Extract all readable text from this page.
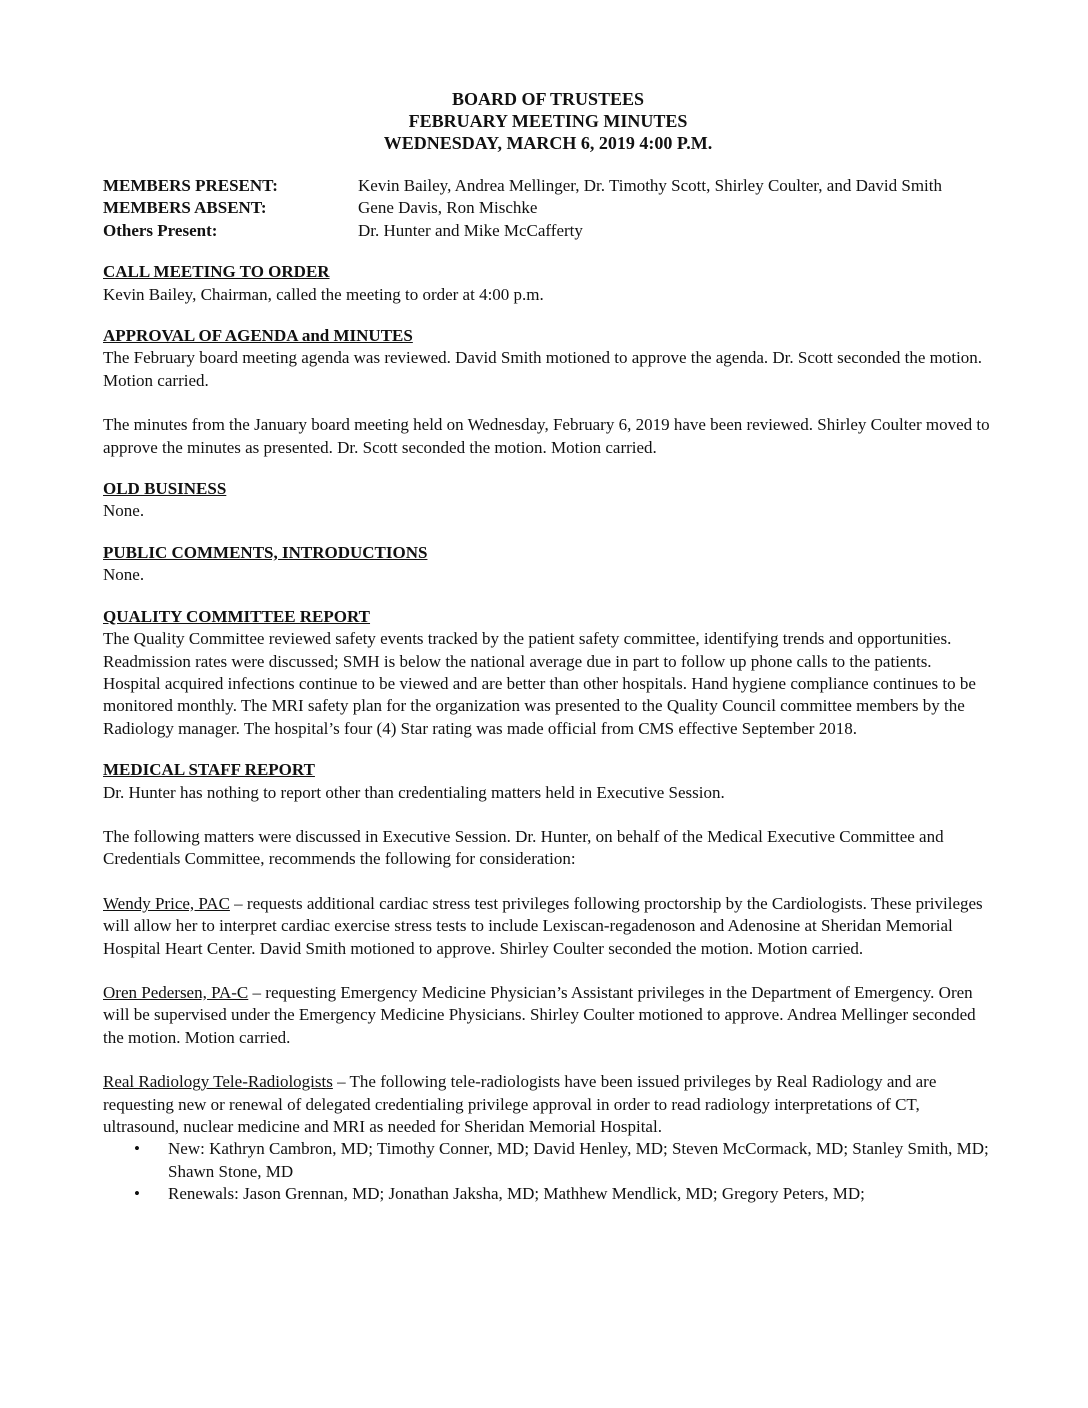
BOARD OF TRUSTEES
FEBRUARY MEETING MINUTES
WEDNESDAY, MARCH 6, 2019 4:00 P.M.
MEMBERS PRESENT:	Kevin Bailey, Andrea Mellinger, Dr. Timothy Scott, Shirley Coulter, and David Smith
MEMBERS ABSENT:	Gene Davis, Ron Mischke
Others Present:	Dr. Hunter and Mike McCafferty
CALL MEETING TO ORDER

Kevin Bailey, Chairman, called the meeting to order at 4:00 p.m.

APPROVAL OF AGENDA and MINUTES

The February board meeting agenda was reviewed. David Smith motioned to approve the agenda. Dr. Scott seconded the motion. Motion carried.

The minutes from the January board meeting held on Wednesday, February 6, 2019 have been reviewed. Shirley Coulter moved to approve the minutes as presented. Dr. Scott seconded the motion. Motion carried.

OLD BUSINESS

None.

PUBLIC COMMENTS, INTRODUCTIONS

None.

QUALITY COMMITTEE REPORT

The Quality Committee reviewed safety events tracked by the patient safety committee, identifying trends and opportunities. Readmission rates were discussed; SMH is below the national average due in part to follow up phone calls to the patients. Hospital acquired infections continue to be viewed and are better than other hospitals. Hand hygiene compliance continues to be monitored monthly. The MRI safety plan for the organization was presented to the Quality Council committee members by the Radiology manager. The hospital’s four (4) Star rating was made official from CMS effective September 2018.

MEDICAL STAFF REPORT

Dr. Hunter has nothing to report other than credentialing matters held in Executive Session.

The following matters were discussed in Executive Session. Dr. Hunter, on behalf of the Medical Executive Committee and Credentials Committee, recommends the following for consideration:

Wendy Price, PAC – requests additional cardiac stress test privileges following proctorship by the Cardiologists. These privileges will allow her to interpret cardiac exercise stress tests to include Lexiscan-regadenoson and Adenosine at Sheridan Memorial Hospital Heart Center. David Smith motioned to approve. Shirley Coulter seconded the motion. Motion carried.

Oren Pedersen, PA-C – requesting Emergency Medicine Physician’s Assistant privileges in the Department of Emergency. Oren will be supervised under the Emergency Medicine Physicians. Shirley Coulter motioned to approve. Andrea Mellinger seconded the motion. Motion carried.

Real Radiology Tele-Radiologists – The following tele-radiologists have been issued privileges by Real Radiology and are requesting new or renewal of delegated credentialing privilege approval in order to read radiology interpretations of CT, ultrasound, nuclear medicine and MRI as needed for Sheridan Memorial Hospital.

• New: Kathryn Cambron, MD; Timothy Conner, MD; David Henley, MD; Steven McCormack, MD; Stanley Smith, MD; Shawn Stone, MD
• Renewals: Jason Grennan, MD; Jonathan Jaksha, MD; Mathhew Mendlick, MD; Gregory Peters, MD;
